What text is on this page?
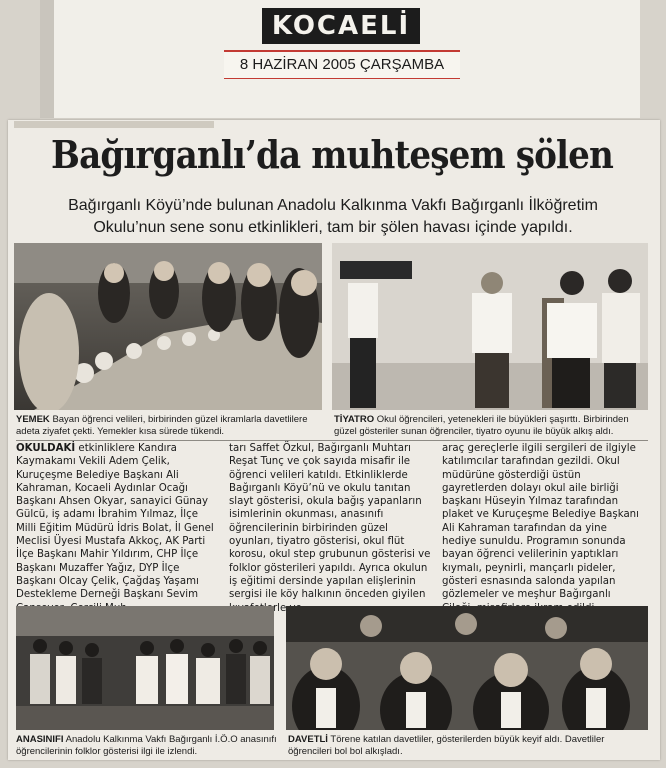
KOCAELİ
8 HAZİRAN 2005 ÇARŞAMBA
Bağırganlı’da muhteşem şölen
Bağırganlı Köyü’nde bulunan Anadolu Kalkınma Vakfı Bağırganlı İlköğretim
Okulu’nun sene sonu etkinlikleri, tam bir şölen havası içinde yapıldı.
YEMEK Bayan öğrenci velileri, birbirinden güzel ikramlarla davetlilere adeta ziyafet çekti. Yemekler kısa sürede tükendi.
TİYATRO Okul öğrencileri, yetenekleri ile büyükleri şaşırttı. Birbirinden güzel gösteriler sunan öğrenciler, tiyatro oyunu ile büyük alkış aldı.

OKULDAKİ etkinliklere Kandıra Kaymakamı Vekili Adem Çelik, Kuruçeşme Belediye Başkanı Ali Kahraman, Kocaeli Aydınlar Ocağı Başkanı Ahsen Okyar, sanayici Günay Gülcü, iş adamı İbrahim Yılmaz, İlçe Milli Eğitim Müdürü İdris Bolat, İl Genel Meclisi Üyesi Mustafa Akkoç, AK Parti İlçe Başkanı Mahir Yıldırım, CHP İlçe Başkanı Muzaffer Yağız, DYP İlçe Başkanı Olcay Çelik, Çağdaş Yaşamı Destekleme Derneği Başkanı Sevim

tarı Saffet Özkul, Bağırganlı Muhtarı Reşat Tunç ve çok sayıda misafir ile öğrenci velileri katıldı. Etkinliklerde Bağırganlı Köyü’nü ve okulu tanıtan slayt gösterisi, okula bağış yapanların isimlerinin okunması, anasınıfı öğrencilerinin birbirinden güzel oyunları, tiyatro gösterisi, okul flüt korosu, okul step grubunun gösterisi ve folklor gösterileri yapıldı. Ayrıca okulun iş eğitimi dersinde yapılan elişlerinin sergisi ile köy halkının önceden giyilen

araç gereçlerle ilgili sergileri de ilgiyle katılımcılar tarafından gezildi. Okul müdürüne gösterdiği üstün gayretlerden dolayı okul aile birliği başkanı Hüseyin Yılmaz tarafından plaket ve Kuruçeşme Belediye Başkanı Ali Kahraman tarafından da yine hediye sunuldu. Programın sonunda bayan öğrenci velilerinin yaptıkları kıymalı, peynirli, mançarlı pideler, gösteri esnasında salonda yapılan gözlemeler ve meşhur Bağırganlı

ANASINIFI Anadolu Kalkınma Vakfı Bağırganlı İ.Ö.O anasınıfı öğrencilerinin folklor gösterisi ilgi ile izlendi.
DAVETLİ Törene katılan davetliler, gösterilerden büyük keyif aldı. Davetliler öğrencileri bol bol alkışladı.
